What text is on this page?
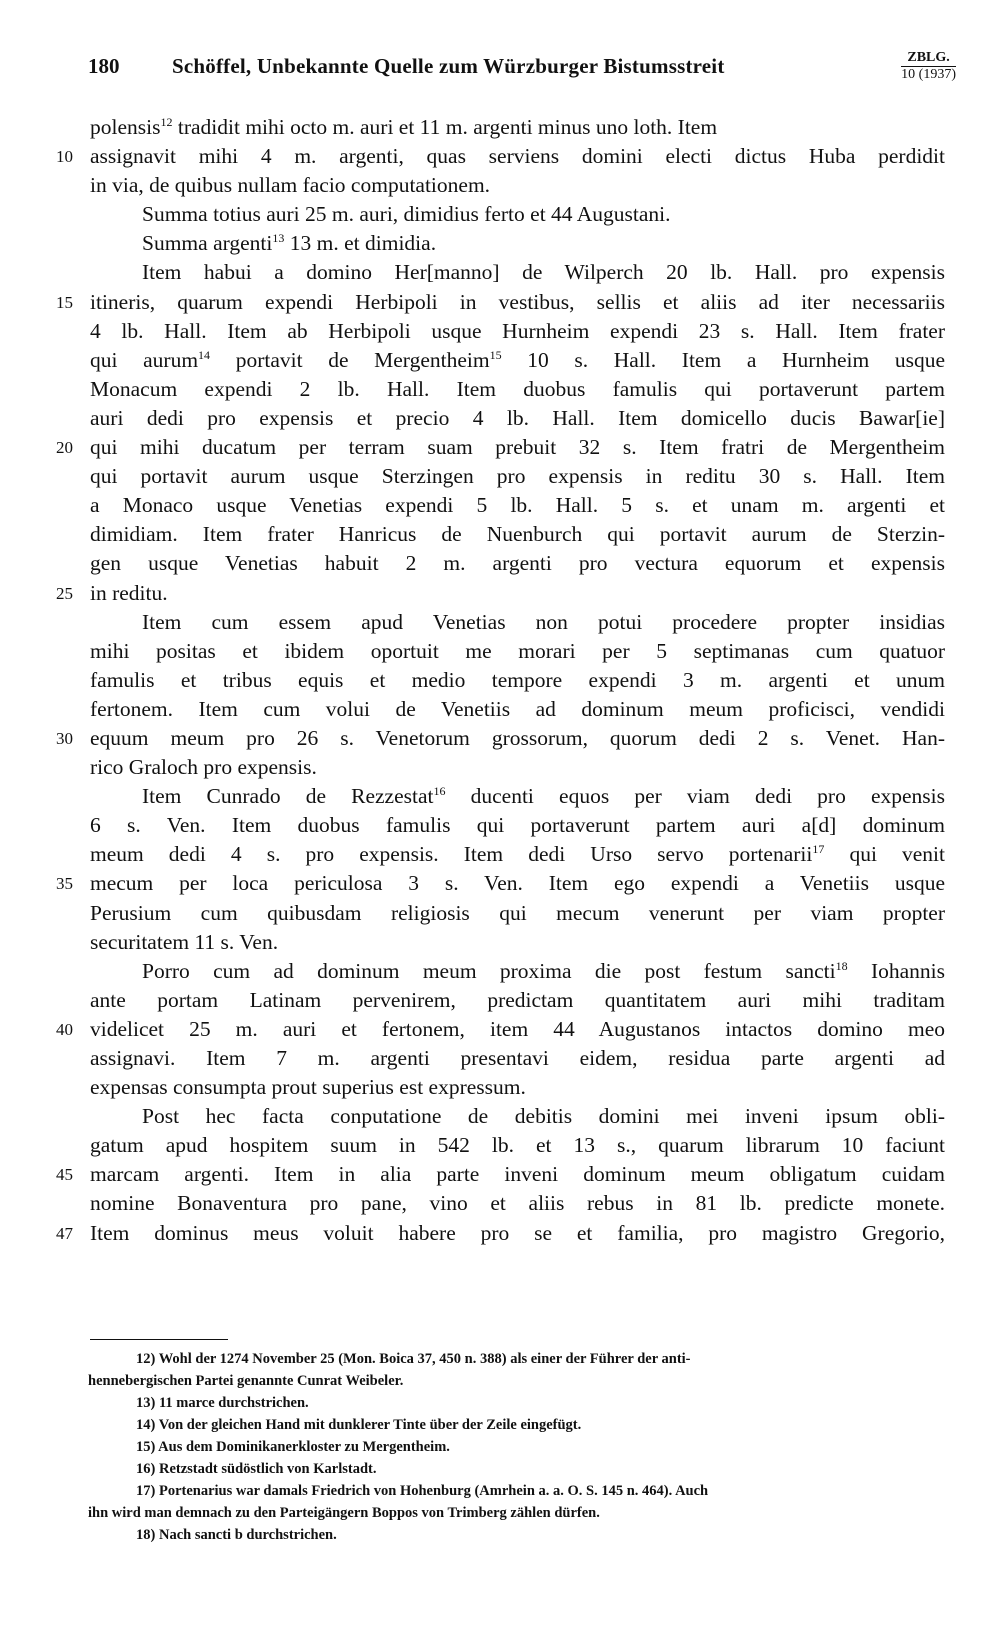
180	Schöffel, Unbekannte Quelle zum Würzburger Bistumsstreit	ZBLG.
10 (1937)
polensis$^{12}$ tradidit mihi octo m. auri et 11 m. argenti minus uno loth. Item
10 assignavit mihi 4 m. argenti, quas serviens domini electi dictus Huba perdidit
in via, de quibus nullam facio computationem.
Summa totius auri 25 m. auri, dimidius ferto et 44 Augustani.
Summa argenti$^{13}$ 13 m. et dimidia.
Item habui a domino Her[manno] de Wilperch 20 lb. Hall. pro expensis
15 itineris, quarum expendi Herbipoli in vestibus, sellis et aliis ad iter necessariis
4 lb. Hall. Item ab Herbipoli usque Hurnheim expendi 23 s. Hall. Item frater
qui aurum$^{14}$ portavit de Mergentheim$^{15}$ 10 s. Hall. Item a Hurnheim usque
Monacum expendi 2 lb. Hall. Item duobus famulis qui portaverunt partem
auri dedi pro expensis et precio 4 lb. Hall. Item domicello ducis Bawar[ie]
20 qui mihi ducatum per terram suam prebuit 32 s. Item fratri de Mergentheim
qui portavit aurum usque Sterzingen pro expensis in reditu 30 s. Hall. Item
a Monaco usque Venetias expendi 5 lb. Hall. 5 s. et unam m. argenti et
dimidiam. Item frater Hanricus de Nuenburch qui portavit aurum de Sterzin-
gen usque Venetias habuit 2 m. argenti pro vectura equorum et expensis
25 in reditu.
Item cum essem apud Venetias non potui procedere propter insidias
mihi positas et ibidem oportuit me morari per 5 septimanas cum quatuor
famulis et tribus equis et medio tempore expendi 3 m. argenti et unum
fertonem. Item cum volui de Venetiis ad dominum meum proficisci, vendidi
30 equum meum pro 26 s. Venetorum grossorum, quorum dedi 2 s. Venet. Han-
rico Graloch pro expensis.
Item Cunrado de Rezzestat$^{16}$ ducenti equos per viam dedi pro expensis
6 s. Ven. Item duobus famulis qui portaverunt partem auri a[d] dominum
meum dedi 4 s. pro expensis. Item dedi Urso servo portenarii$^{17}$ qui venit
35 mecum per loca periculosa 3 s. Ven. Item ego expendi a Venetiis usque
Perusium cum quibusdam religiosis qui mecum venerunt per viam propter
securitatem 11 s. Ven.
Porro cum ad dominum meum proxima die post festum sancti$^{18}$ Iohannis
ante portam Latinam pervenirem, predictam quantitatem auri mihi traditam
40 videlicet 25 m. auri et fertonem, item 44 Augustanos intactos domino meo
assignavi. Item 7 m. argenti presentavi eidem, residua parte argenti ad
expensas consumpta prout superius est expressum.
Post hec facta conputatione de debitis domini mei inveni ipsum obli-
gatum apud hospitem suum in 542 lb. et 13 s., quarum librarum 10 faciunt
45 marcam argenti. Item in alia parte inveni dominum meum obligatum cuidam
nomine Bonaventura pro pane, vino et aliis rebus in 81 lb. predicte monete.
47 Item dominus meus voluit habere pro se et familia, pro magistro Gregorio,
12) Wohl der 1274 November 25 (Mon. Boica 37, 450 n. 388) als einer der Führer der anti-
hennebergischen Partei genannte Cunrat Weibeler.
13) 11 marce durchstrichen.
14) Von der gleichen Hand mit dunklerer Tinte über der Zeile eingefügt.
15) Aus dem Dominikanerkloster zu Mergentheim.
16) Retzstadt südöstlich von Karlstadt.
17) Portenarius war damals Friedrich von Hohenburg (Amrhein a. a. O. S. 145 n. 464). Auch
ihn wird man demnach zu den Parteigängern Boppos von Trimberg zählen dürfen.
18) Nach sancti b durchstrichen.
